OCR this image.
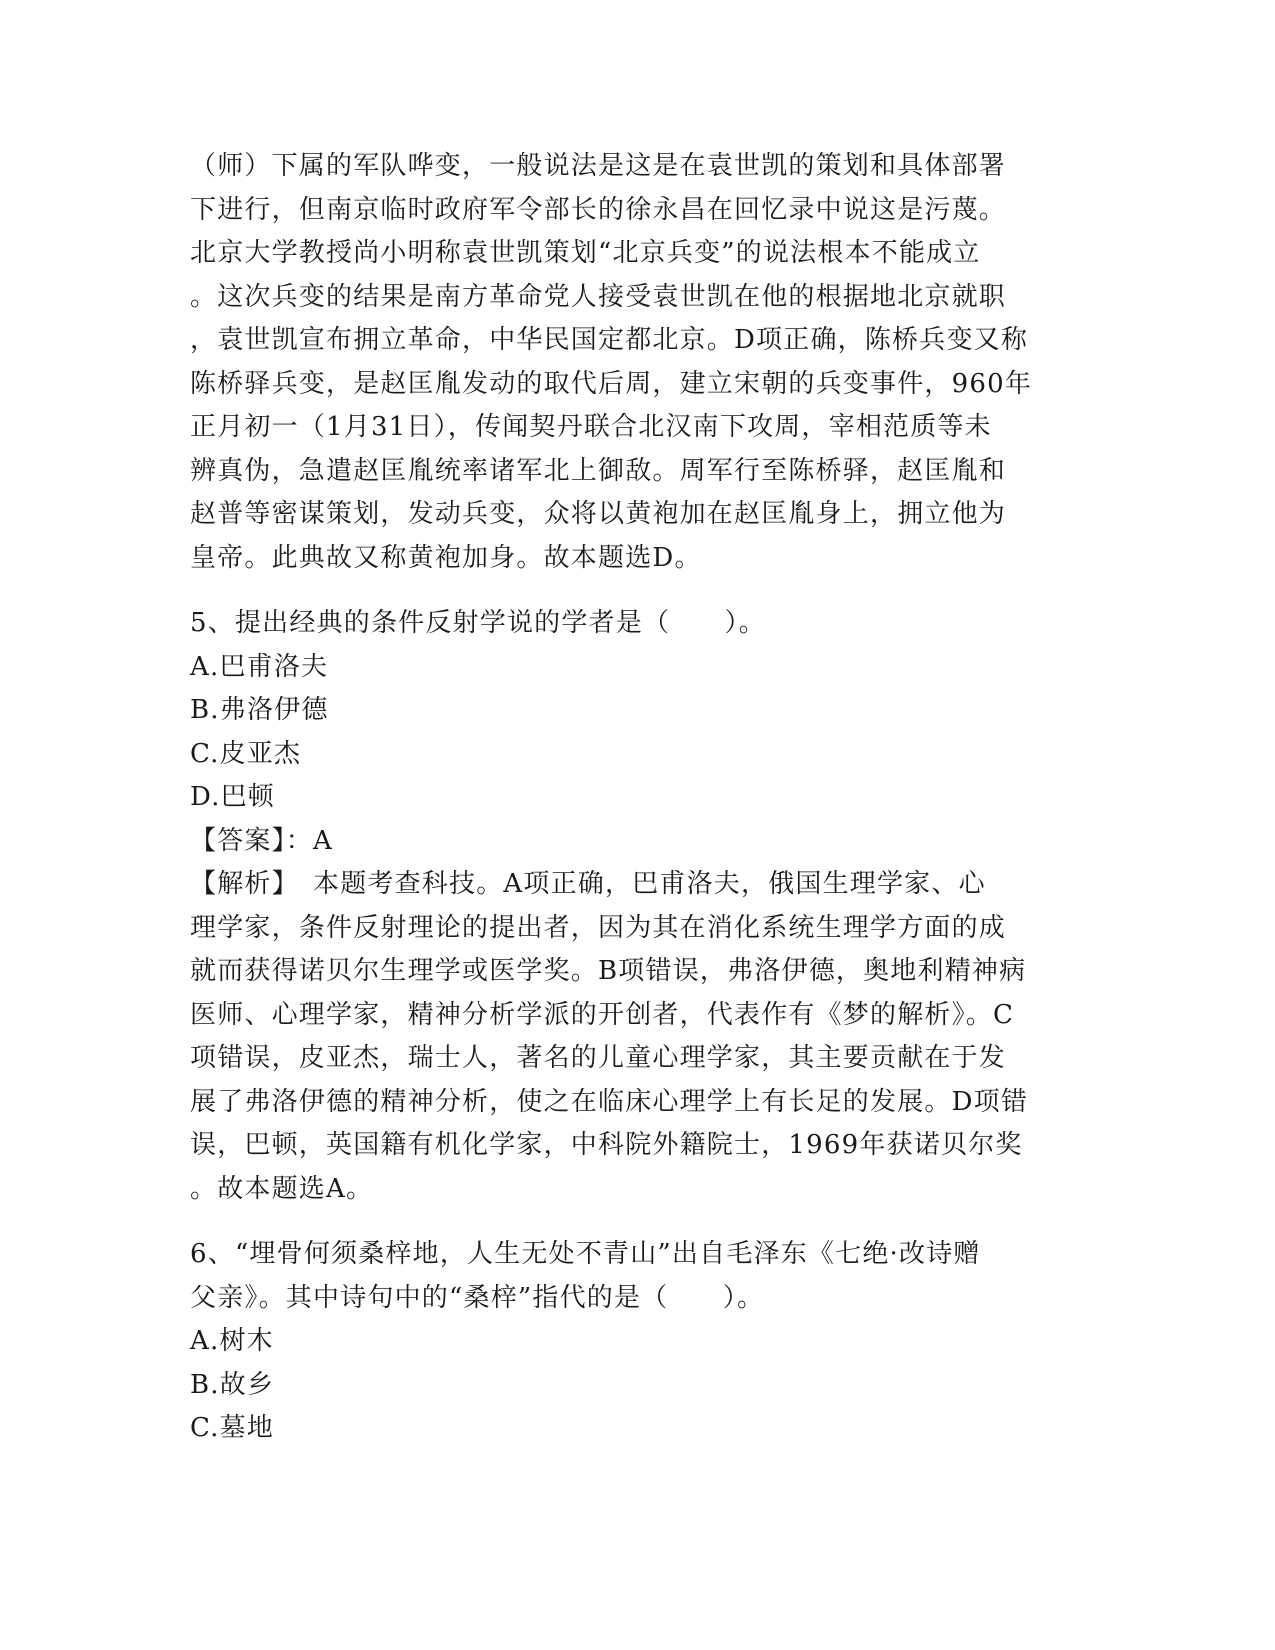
（师）下属的军队哗变，一般说法是这是在袁世凯的策划和具体部署
下进行，但南京临时政府军令部长的徐永昌在回忆录中说这是污蔑。
北京大学教授尚小明称袁世凯策划“北京兵变”的说法根本不能成立
。这次兵变的结果是南方革命党人接受袁世凯在他的根据地北京就职
，袁世凯宣布拥立革命，中华民国定都北京。D项正确，陈桥兵变又称
陈桥驿兵变，是赵匡胤发动的取代后周，建立宋朝的兵变事件，960年
正月初一（1月31日），传闻契丹联合北汉南下攻周，宰相范质等未
辨真伪，急遣赵匡胤统率诸军北上御敌。周军行至陈桥驿，赵匡胤和
赵普等密谋策划，发动兵变，众将以黄袍加在赵匡胤身上，拥立他为
皇帝。此典故又称黄袍加身。故本题选D。
5、提出经典的条件反射学说的学者是（　　）。
A.巴甫洛夫
B.弗洛伊德
C.皮亚杰
D.巴顿
【答案】：A
【解析】　本题考查科技。A项正确，巴甫洛夫，俄国生理学家、心
理学家，条件反射理论的提出者，因为其在消化系统生理学方面的成
就而获得诺贝尔生理学或医学奖。B项错误，弗洛伊德，奥地利精神病
医师、心理学家，精神分析学派的开创者，代表作有《梦的解析》。C
项错误，皮亚杰，瑞士人，著名的儿童心理学家，其主要贡献在于发
展了弗洛伊德的精神分析，使之在临床心理学上有长足的发展。D项错
误，巴顿，英国籍有机化学家，中科院外籍院士，1969年获诺贝尔奖
。故本题选A。
6、“埋骨何须桑梓地，人生无处不青山”出自毛泽东《七绝·改诗赠
父亲》。其中诗句中的“桑梓”指代的是（　　）。
A.树木
B.故乡
C.墓地
